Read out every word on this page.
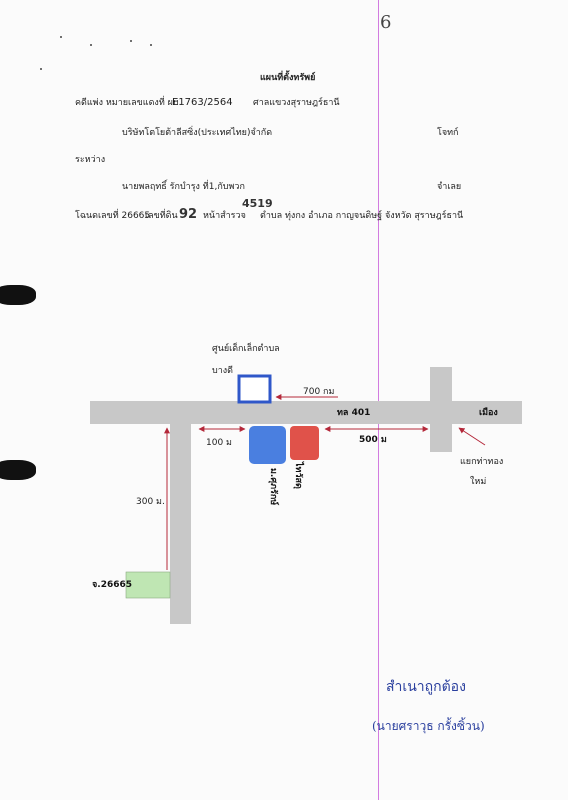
6
แผนที่ตั้งทรัพย์
คดีแพ่ง หมายเลขแดงที่ ผบ.
E1763/2564 ศาลแขวงสุราษฎร์ธานี
บริษัทโตโยต้าลีสซิ่ง(ประเทศไทย)จำกัด	โจทก์
ระหว่าง
นายพลฤทธิ์ รักบำรุง ที่1,กับพวก	จำเลย
โฉนดเลขที่ 26665
เลขที่ดิน 92 หน้าสำรวจ
4519
ตำบล ทุ่งกง อำเภอ กาญจนดิษฐ์ จังหวัด สุราษฎร์ธานี
ศูนย์เด็กเล็กตำบล
บางดี
700 กม
ทล 401	เมือง
100 ม	500 ม
แยกท่าทอง
ใหม่
300 ม.
จ.26665
ม.ศุภรักษ์ ไทวัสดุ
สำเนาถูกต้อง
(นายศราวุธ กรั้งซิ้วน)
